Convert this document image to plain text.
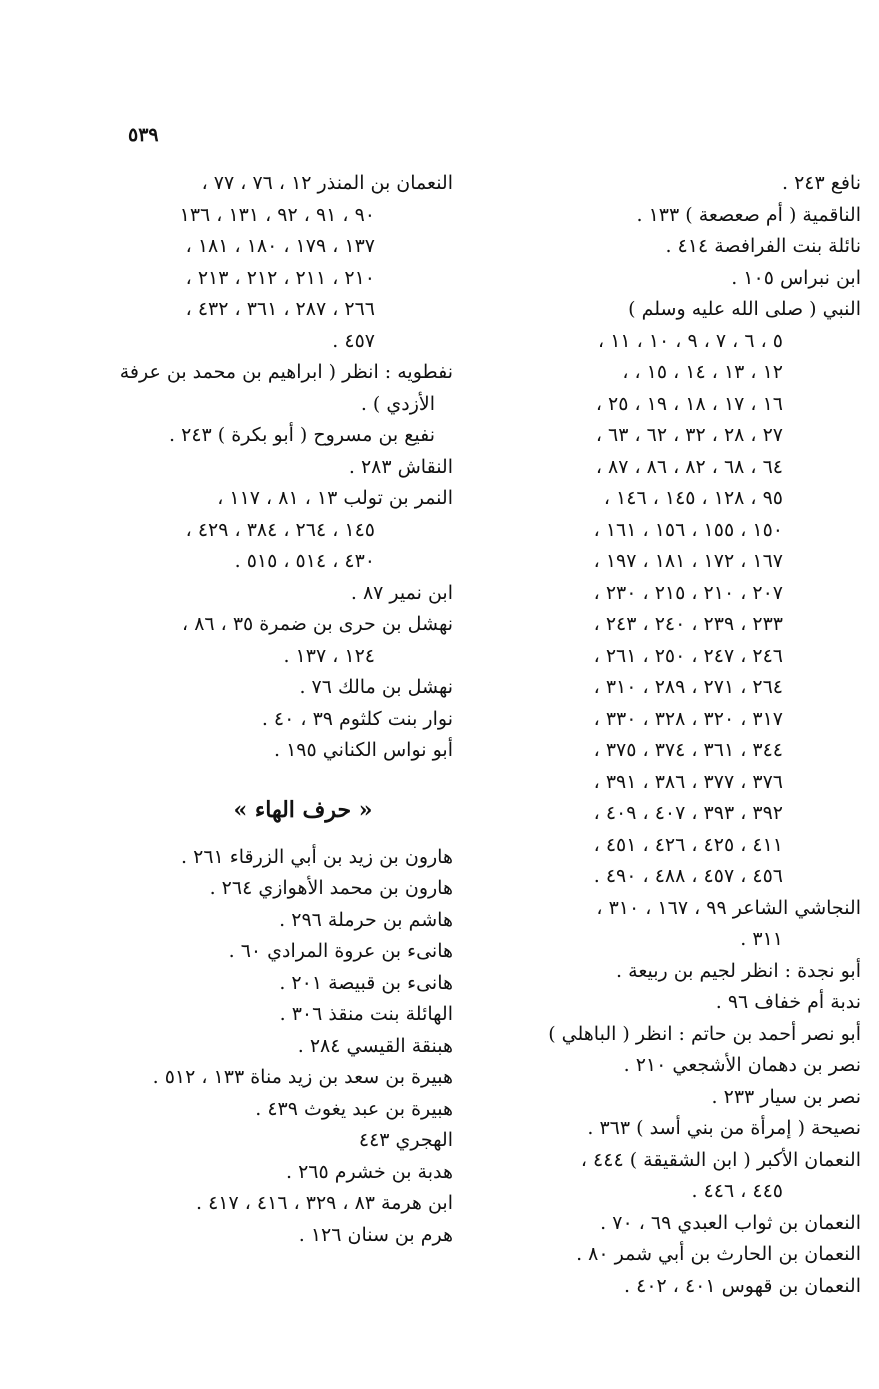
٥٣٩
نافع ٢٤٣ .
الناقمية ( أم صعصعة ) ١٣٣ .
نائلة بنت الفرافصة ٤١٤ .
ابن نبراس ١٠٥ .
النبي ( صلى الله عليه وسلم )
٥ ، ٦ ، ٧ ، ٩ ، ١٠ ، ١١ ،
١٢ ، ١٣ ، ١٤ ، ١٥ ، ،
١٦ ، ١٧ ، ١٨ ، ١٩ ، ٢٥ ،
٢٧ ، ٢٨ ، ٣٢ ، ٦٢ ، ٦٣ ،
٦٤ ، ٦٨ ، ٨٢ ، ٨٦ ، ٨٧ ،
٩٥ ، ١٢٨ ، ١٤٥ ، ١٤٦ ،
١٥٠ ، ١٥٥ ، ١٥٦ ، ١٦١ ،
١٦٧ ، ١٧٢ ، ١٨١ ، ١٩٧ ،
٢٠٧ ، ٢١٠ ، ٢١٥ ، ٢٣٠ ،
٢٣٣ ، ٢٣٩ ، ٢٤٠ ، ٢٤٣ ،
٢٤٦ ، ٢٤٧ ، ٢٥٠ ، ٢٦١ ،
٢٦٤ ، ٢٧١ ، ٢٨٩ ، ٣١٠ ،
٣١٧ ، ٣٢٠ ، ٣٢٨ ، ٣٣٠ ،
٣٤٤ ، ٣٦١ ، ٣٧٤ ، ٣٧٥ ،
٣٧٦ ، ٣٧٧ ، ٣٨٦ ، ٣٩١ ،
٣٩٢ ، ٣٩٣ ، ٤٠٧ ، ٤٠٩ ،
٤١١ ، ٤٢٥ ، ٤٢٦ ، ٤٥١ ،
٤٥٦ ، ٤٥٧ ، ٤٨٨ ، ٤٩٠ .
النجاشي الشاعر ٩٩ ، ١٦٧ ، ٣١٠ ،
٣١١ .
أبو نجدة : انظر لجيم بن ربيعة .
ندبة أم خفاف ٩٦ .
أبو نصر أحمد بن حاتم : انظر ( الباهلي )
نصر بن دهمان الأشجعي ٢١٠ .
نصر بن سيار ٢٣٣ .
نصيحة ( إمرأة من بني أسد ) ٣٦٣ .
النعمان الأكبر ( ابن الشقيقة ) ٤٤٤ ،
٤٤٥ ، ٤٤٦ .
النعمان بن ثواب العبدي ٦٩ ، ٧٠ .
النعمان بن الحارث بن أبي شمر ٨٠ .
النعمان بن قهوس ٤٠١ ، ٤٠٢ .
النعمان بن المنذر ١٢ ، ٧٦ ، ٧٧ ،
٩٠ ، ٩١ ، ٩٢ ، ١٣١ ، ١٣٦
١٣٧ ، ١٧٩ ، ١٨٠ ، ١٨١ ،
٢١٠ ، ٢١١ ، ٢١٢ ، ٢١٣ ،
٢٦٦ ، ٢٨٧ ، ٣٦١ ، ٤٣٢ ،
٤٥٧ .
نفطويه : انظر ( ابراهيم بن محمد بن عرفة
الأزدي ) .
نفيع بن مسروح ( أبو بكرة ) ٢٤٣ .
النقاش ٢٨٣ .
النمر بن تولب ١٣ ، ٨١ ، ١١٧ ،
١٤٥ ، ٢٦٤ ، ٣٨٤ ، ٤٢٩ ،
٤٣٠ ، ٥١٤ ، ٥١٥ .
ابن نمير ٨٧ .
نهشل بن حرى بن ضمرة ٣٥ ، ٨٦ ،
١٢٤ ، ١٣٧ .
نهشل بن مالك ٧٦ .
نوار بنت كلثوم ٣٩ ، ٤٠ .
أبو نواس الكناني ١٩٥ .
« حرف الهاء »
هارون بن زيد بن أبي الزرقاء ٢٦١ .
هارون بن محمد الأهوازي ٢٦٤ .
هاشم بن حرملة ٢٩٦ .
هانىء بن عروة المرادي ٦٠ .
هانىء بن قبيصة ٢٠١ .
الهائلة بنت منقذ ٣٠٦ .
هبنقة القيسي ٢٨٤ .
هبيرة بن سعد بن زيد مناة ١٣٣ ، ٥١٢ .
هبيرة بن عبد يغوث ٤٣٩ .
الهجري ٤٤٣
هدبة بن خشرم ٢٦٥ .
ابن هرمة ٨٣ ، ٣٢٩ ، ٤١٦ ، ٤١٧ .
هرم بن سنان ١٢٦ .
